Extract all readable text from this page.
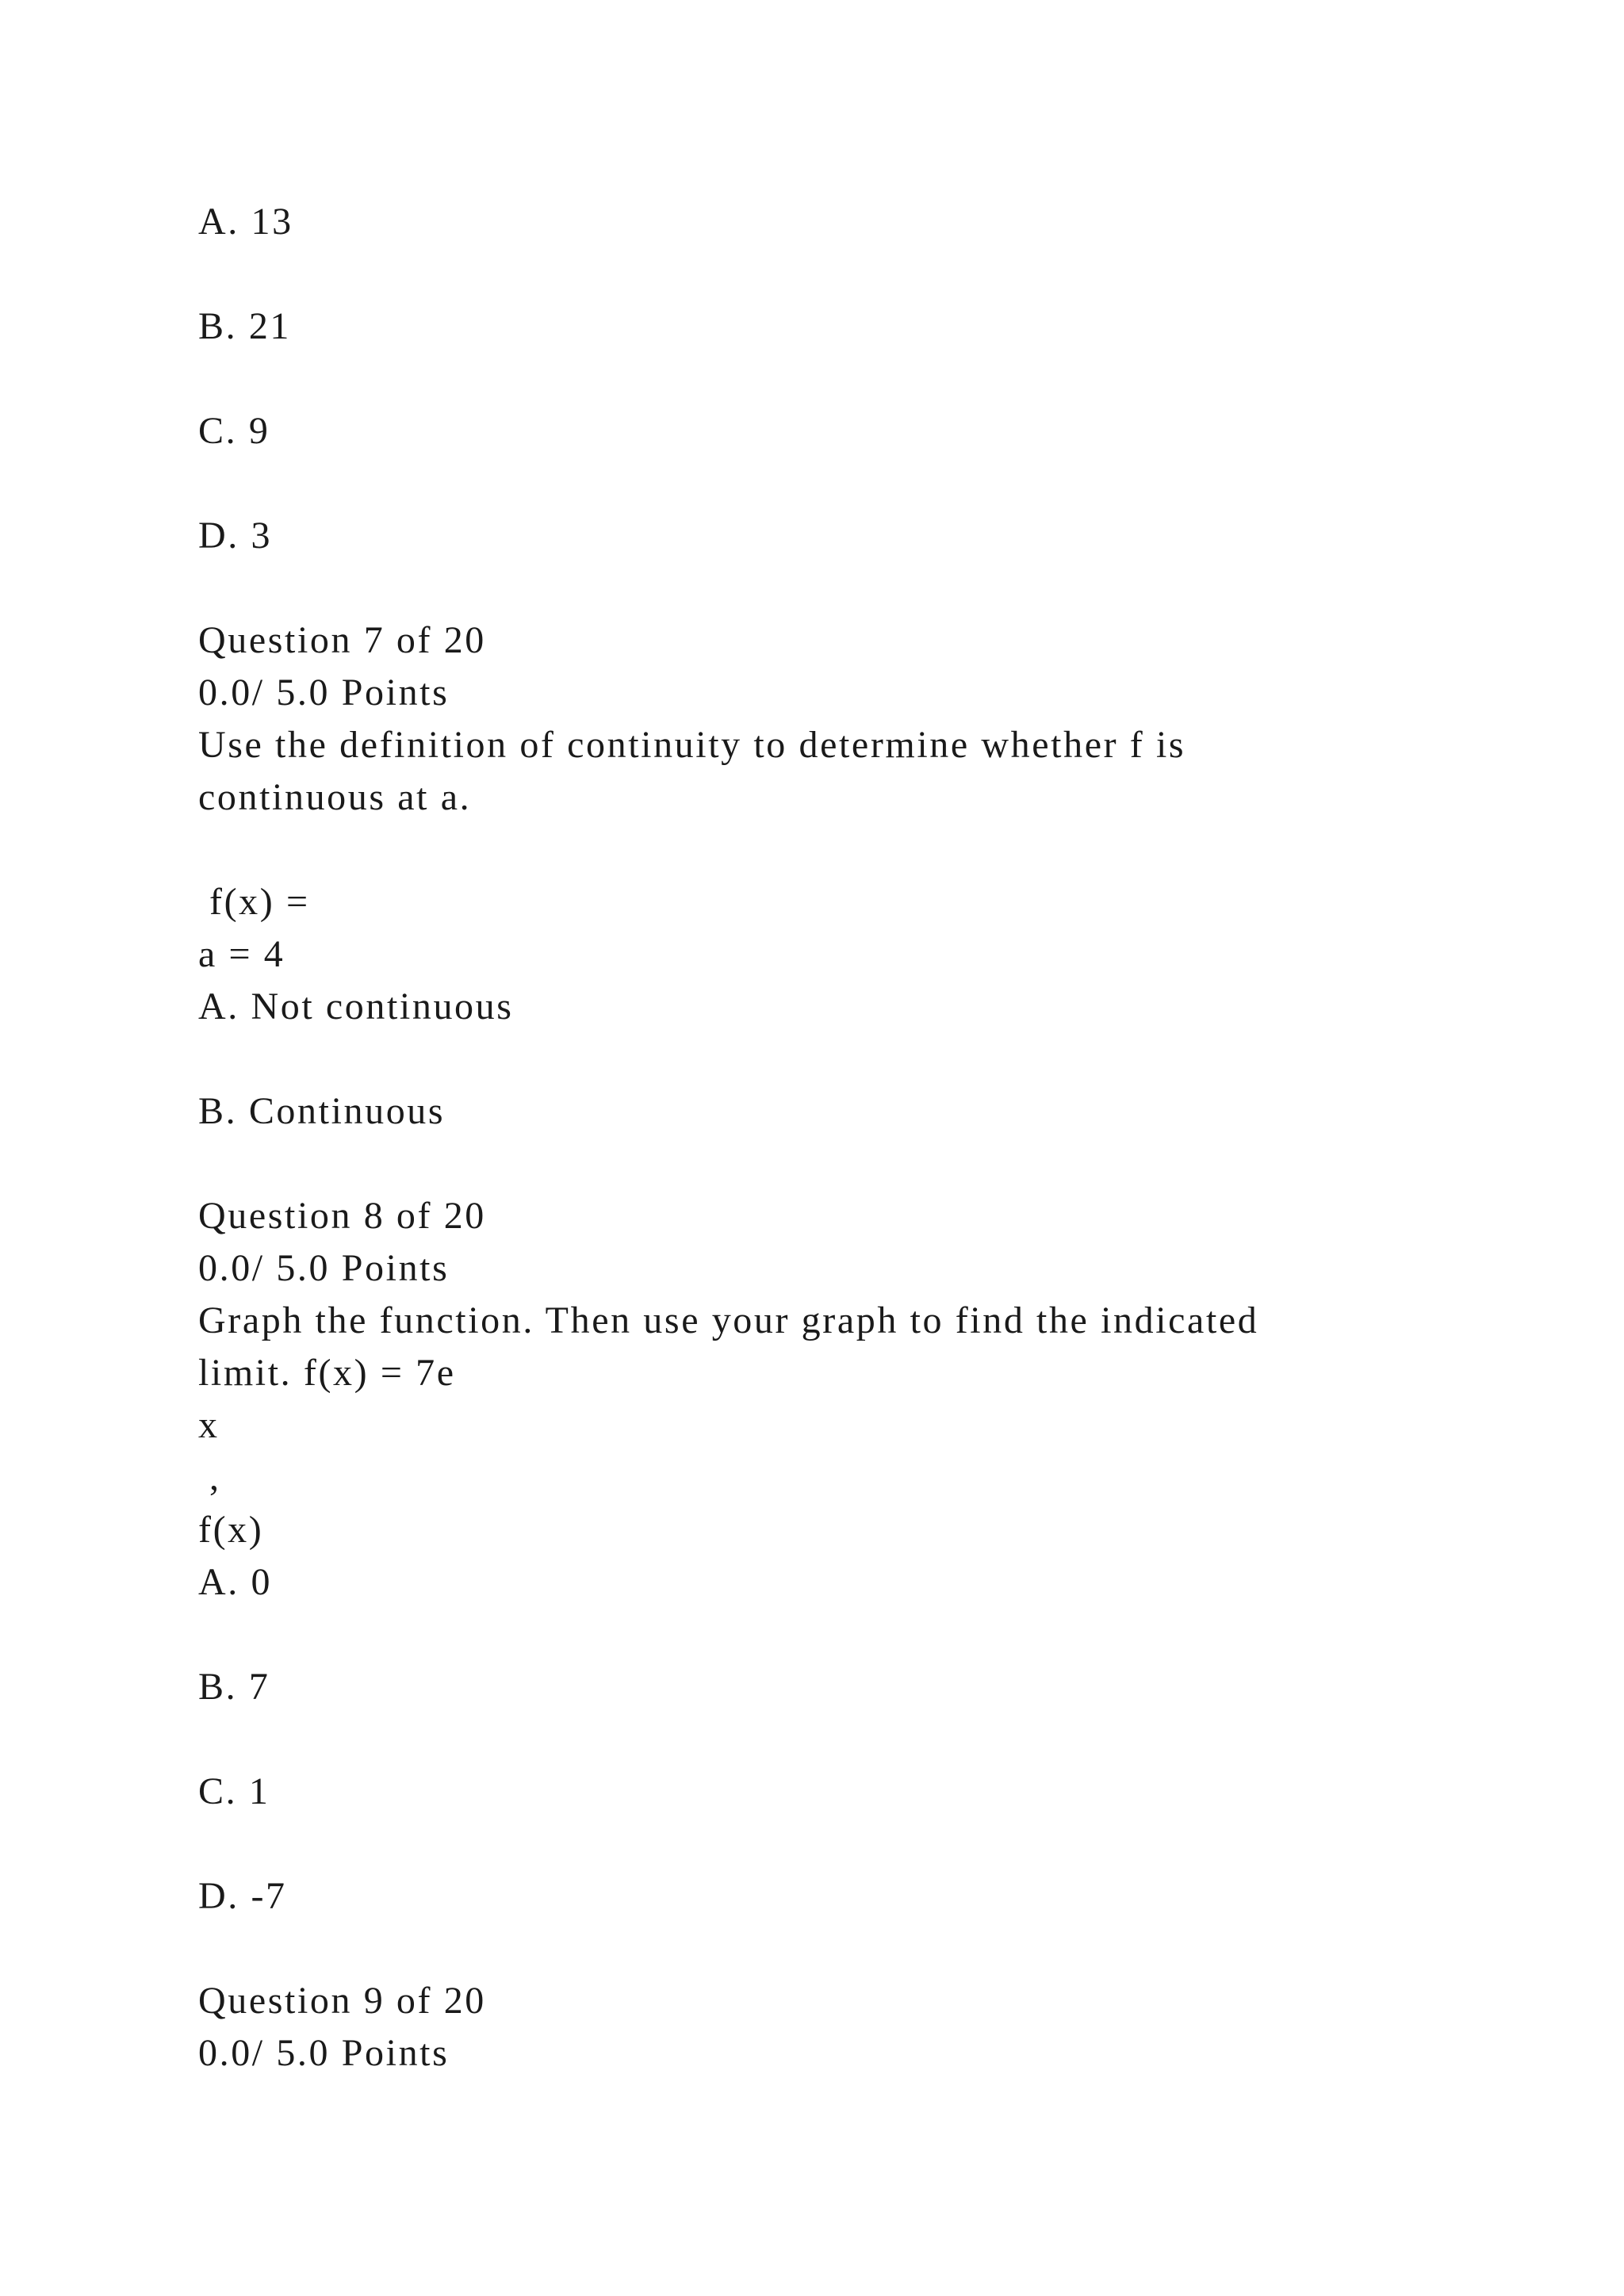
A. 13

B. 21

C. 9

D. 3

Question 7 of 20

0.0/ 5.0 Points

Use the definition of continuity to determine whether f is

continuous at a.

f(x) =

a = 4

A. Not continuous

B. Continuous

Question 8 of 20

0.0/ 5.0 Points

Graph the function. Then use your graph to find the indicated

limit. f(x) = 7e

x

,

f(x)

A. 0

B. 7

C. 1

D. -7

Question 9 of 20

0.0/ 5.0 Points
